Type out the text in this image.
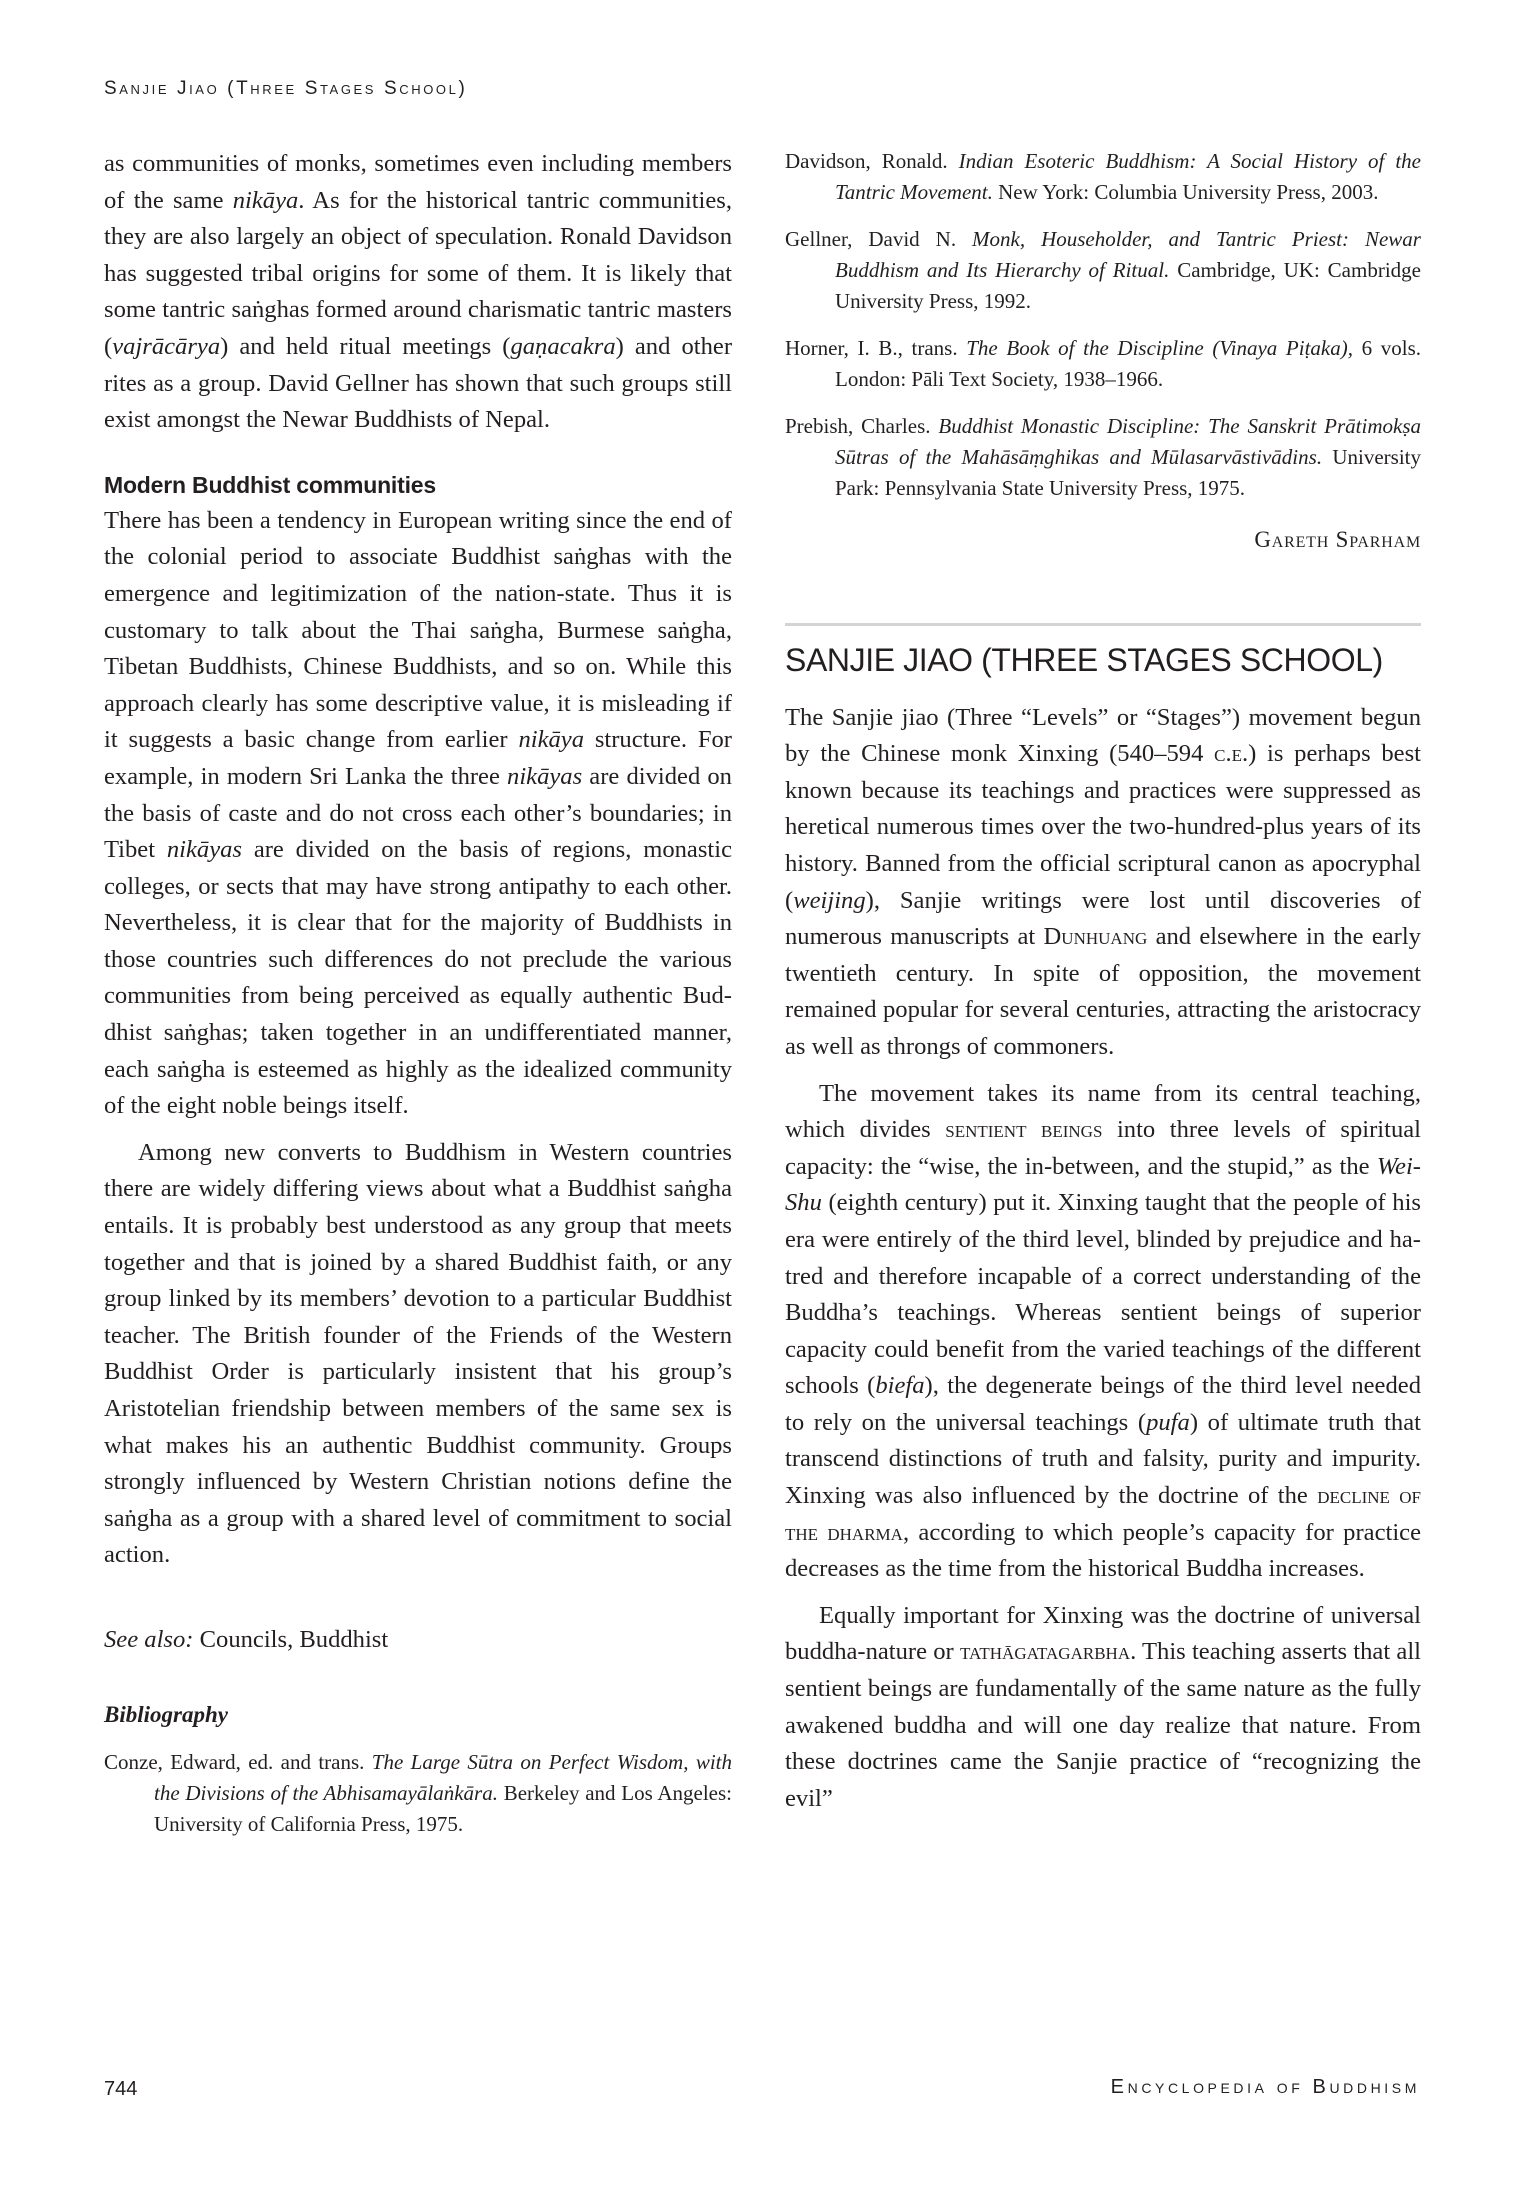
Sanjie Jiao (Three Stages School)

as communities of monks, sometimes even including members of the same nikāya. As for the historical tantric communities, they are also largely an object of speculation. Ronald Davidson has suggested tribal origins for some of them. It is likely that some tantric saṅghas formed around charismatic tantric masters (vajrācārya) and held ritual meetings (gaṇacakra) and other rites as a group. David Gellner has shown that such groups still exist amongst the Newar Buddhists of Nepal.

Modern Buddhist communities

There has been a tendency in European writing since the end of the colonial period to associate Buddhist saṅghas with the emergence and legitimization of the nation-state. Thus it is customary to talk about the Thai saṅgha, Burmese saṅgha, Tibetan Buddhists, Chinese Buddhists, and so on. While this approach clearly has some descriptive value, it is misleading if it suggests a basic change from earlier nikāya structure. For example, in modern Sri Lanka the three nikāyas are divided on the basis of caste and do not cross each other’s boundaries; in Tibet nikāyas are divided on the basis of regions, monastic colleges, or sects that may have strong antipathy to each other. Nevertheless, it is clear that for the majority of Buddhists in those countries such differences do not preclude the various communities from being perceived as equally authentic Buddhist saṅghas; taken together in an undifferentiated manner, each saṅgha is esteemed as highly as the idealized community of the eight noble beings itself.

Among new converts to Buddhism in Western countries there are widely differing views about what a Buddhist saṅgha entails. It is probably best understood as any group that meets together and that is joined by a shared Buddhist faith, or any group linked by its members’ devotion to a particular Buddhist teacher. The British founder of the Friends of the Western Buddhist Order is particularly insistent that his group’s Aristotelian friendship between members of the same sex is what makes his an authentic Buddhist community. Groups strongly influenced by Western Christian notions define the saṅgha as a group with a shared level of commitment to social action.

See also: Councils, Buddhist
Bibliography
Conze, Edward, ed. and trans. The Large Sūtra on Perfect Wisdom, with the Divisions of the Abhisamayālaṅkāra. Berkeley and Los Angeles: University of California Press, 1975.
Davidson, Ronald. Indian Esoteric Buddhism: A Social History of the Tantric Movement. New York: Columbia University Press, 2003.
Gellner, David N. Monk, Householder, and Tantric Priest: Newar Buddhism and Its Hierarchy of Ritual. Cambridge, UK: Cambridge University Press, 1992.
Horner, I. B., trans. The Book of the Discipline (Vinaya Piṭaka), 6 vols. London: Pāli Text Society, 1938–1966.
Prebish, Charles. Buddhist Monastic Discipline: The Sanskrit Prātimokṣa Sūtras of the Mahāsāṃghikas and Mūlasarvāstivādins. University Park: Pennsylvania State University Press, 1975.
Gareth Sparham
SANJIE JIAO (THREE STAGES SCHOOL)

The Sanjie jiao (Three “Levels” or “Stages”) movement begun by the Chinese monk Xinxing (540–594 c.e.) is perhaps best known because its teachings and practices were suppressed as heretical numerous times over the two-hundred-plus years of its history. Banned from the official scriptural canon as apocryphal (weijing), Sanjie writings were lost until discoveries of numerous manuscripts at Dunhuang and elsewhere in the early twentieth century. In spite of opposition, the movement remained popular for several centuries, attracting the aristocracy as well as throngs of commoners.

The movement takes its name from its central teaching, which divides sentient beings into three levels of spiritual capacity: the “wise, the in-between, and the stupid,” as the Wei-Shu (eighth century) put it. Xinxing taught that the people of his era were entirely of the third level, blinded by prejudice and hatred and therefore incapable of a correct understanding of the Buddha’s teachings. Whereas sentient beings of superior capacity could benefit from the varied teachings of the different schools (biefa), the degenerate beings of the third level needed to rely on the universal teachings (pufa) of ultimate truth that transcend distinctions of truth and falsity, purity and impurity. Xinxing was also influenced by the doctrine of the decline of the dharma, according to which people’s capacity for practice decreases as the time from the historical Buddha increases.

Equally important for Xinxing was the doctrine of universal buddha-nature or tathāgatagarbha. This teaching asserts that all sentient beings are fundamentally of the same nature as the fully awakened buddha and will one day realize that nature. From these doctrines came the Sanjie practice of “recognizing the evil”

744	Encyclopedia of Buddhism
